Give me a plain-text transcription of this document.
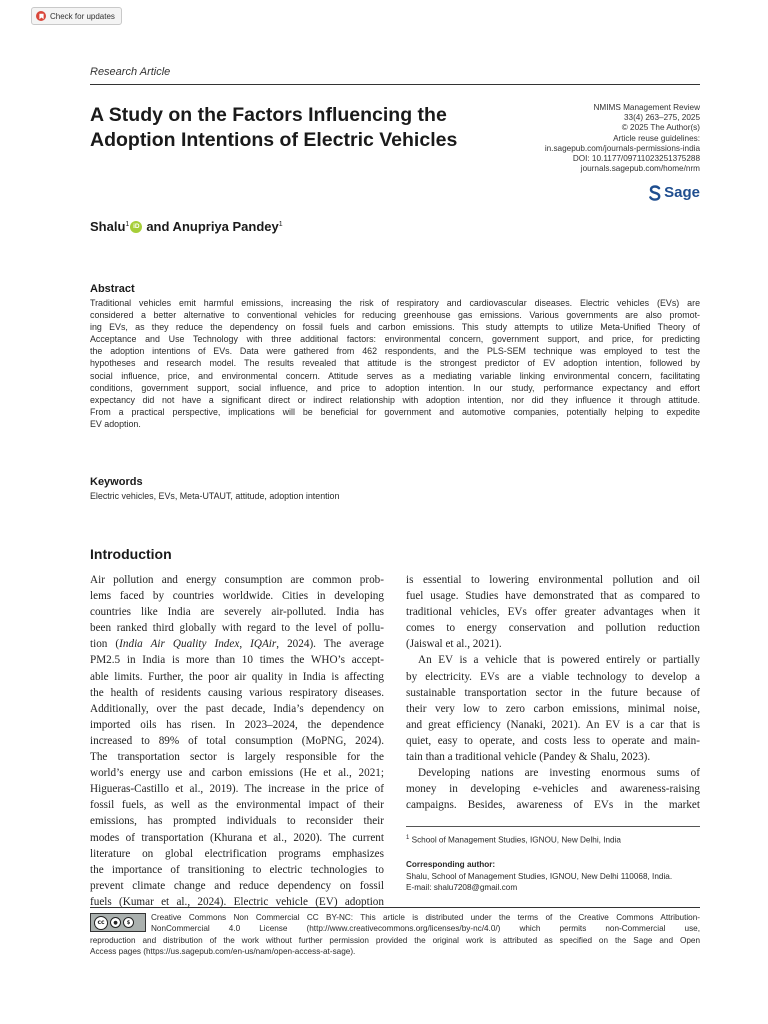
Check for updates
Research Article
A Study on the Factors Influencing the
Adoption Intentions of Electric Vehicles
NMIMS Management Review
33(4) 263–275, 2025
© 2025 The Author(s)
Article reuse guidelines:
in.sagepub.com/journals-permissions-india
DOI: 10.1177/09711023251375288
journals.sagepub.com/home/nrm
Sage
Shalu$^1$ iD and Anupriya Pandey$^1$
Abstract
Traditional vehicles emit harmful emissions, increasing the risk of respiratory and cardiovascular diseases. Electric vehicles (EVs) are
considered a better alternative to conventional vehicles for reducing greenhouse gas emissions. Various governments are also promot-
ing EVs, as they reduce the dependency on fossil fuels and carbon emissions. This study attempts to utilize Meta-Unified Theory of
Acceptance and Use Technology with three additional factors: environmental concern, government support, and price, for predicting
the adoption intentions of EVs. Data were gathered from 462 respondents, and the PLS-SEM technique was employed to test the
hypotheses and research model. The results revealed that attitude is the strongest predictor of EV adoption intention, followed by
social influence, price, and environmental concern. Attitude serves as a mediating variable linking environmental concern, facilitating
conditions, government support, social influence, and price to adoption intention. In our study, performance expectancy and effort
expectancy did not have a significant direct or indirect relationship with adoption intention, nor did they influence it through attitude.
From a practical perspective, implications will be beneficial for government and automotive companies, potentially helping to expedite
EV adoption.
Keywords
Electric vehicles, EVs, Meta-UTAUT, attitude, adoption intention
Introduction
Air pollution and energy consumption are common prob-
lems faced by countries worldwide. Cities in developing
countries like India are severely air-polluted. India has
been ranked third globally with regard to the level of pollu-
tion (India Air Quality Index, IQAir, 2024). The average
PM2.5 in India is more than 10 times the WHO’s accept-
able limits. Further, the poor air quality in India is affecting
the health of residents causing various respiratory diseases.
Additionally, over the past decade, India’s dependency on
imported oils has risen. In 2023–2024, the dependence
increased to 89% of total consumption (MoPNG, 2024).
The transportation sector is largely responsible for the
world’s energy use and carbon emissions (He et al., 2021;
Higueras-Castillo et al., 2019). The increase in the price of
fossil fuels, as well as the environmental impact of their
emissions, has prompted individuals to reconsider their
modes of transportation (Khurana et al., 2020). The current
literature on global electrification programs emphasizes
the importance of transitioning to electric technologies to
prevent climate change and reduce dependency on fossil
fuels (Kumar et al., 2024). Electric vehicle (EV) adoption
is essential to lowering environmental pollution and oil
fuel usage. Studies have demonstrated that as compared to
traditional vehicles, EVs offer greater advantages when it
comes to energy conservation and pollution reduction
(Jaiswal et al., 2021).
An EV is a vehicle that is powered entirely or partially
by electricity. EVs are a viable technology to develop a
sustainable transportation sector in the future because of
their very low to zero carbon emissions, minimal noise,
and great efficiency (Nanaki, 2021). An EV is a car that is
quiet, easy to operate, and costs less to operate and main-
tain than a traditional vehicle (Pandey & Shalu, 2023).
Developing nations are investing enormous sums of
money in developing e-vehicles and awareness-raising
campaigns. Besides, awareness of EVs in the market
$^1$ School of Management Studies, IGNOU, New Delhi, India
Corresponding author:
Shalu, School of Management Studies, IGNOU, New Delhi 110068, India.
E-mail: shalu7208@gmail.com
Creative Commons Non Commercial CC BY-NC: This article is distributed under the terms of the Creative Commons Attribution-
NonCommercial 4.0 License (http://www.creativecommons.org/licenses/by-nc/4.0/) which permits non-Commercial use,
reproduction and distribution of the work without further permission provided the original work is attributed as specified on the Sage and Open
Access pages (https://us.sagepub.com/en-us/nam/open-access-at-sage).
cc	●	$
